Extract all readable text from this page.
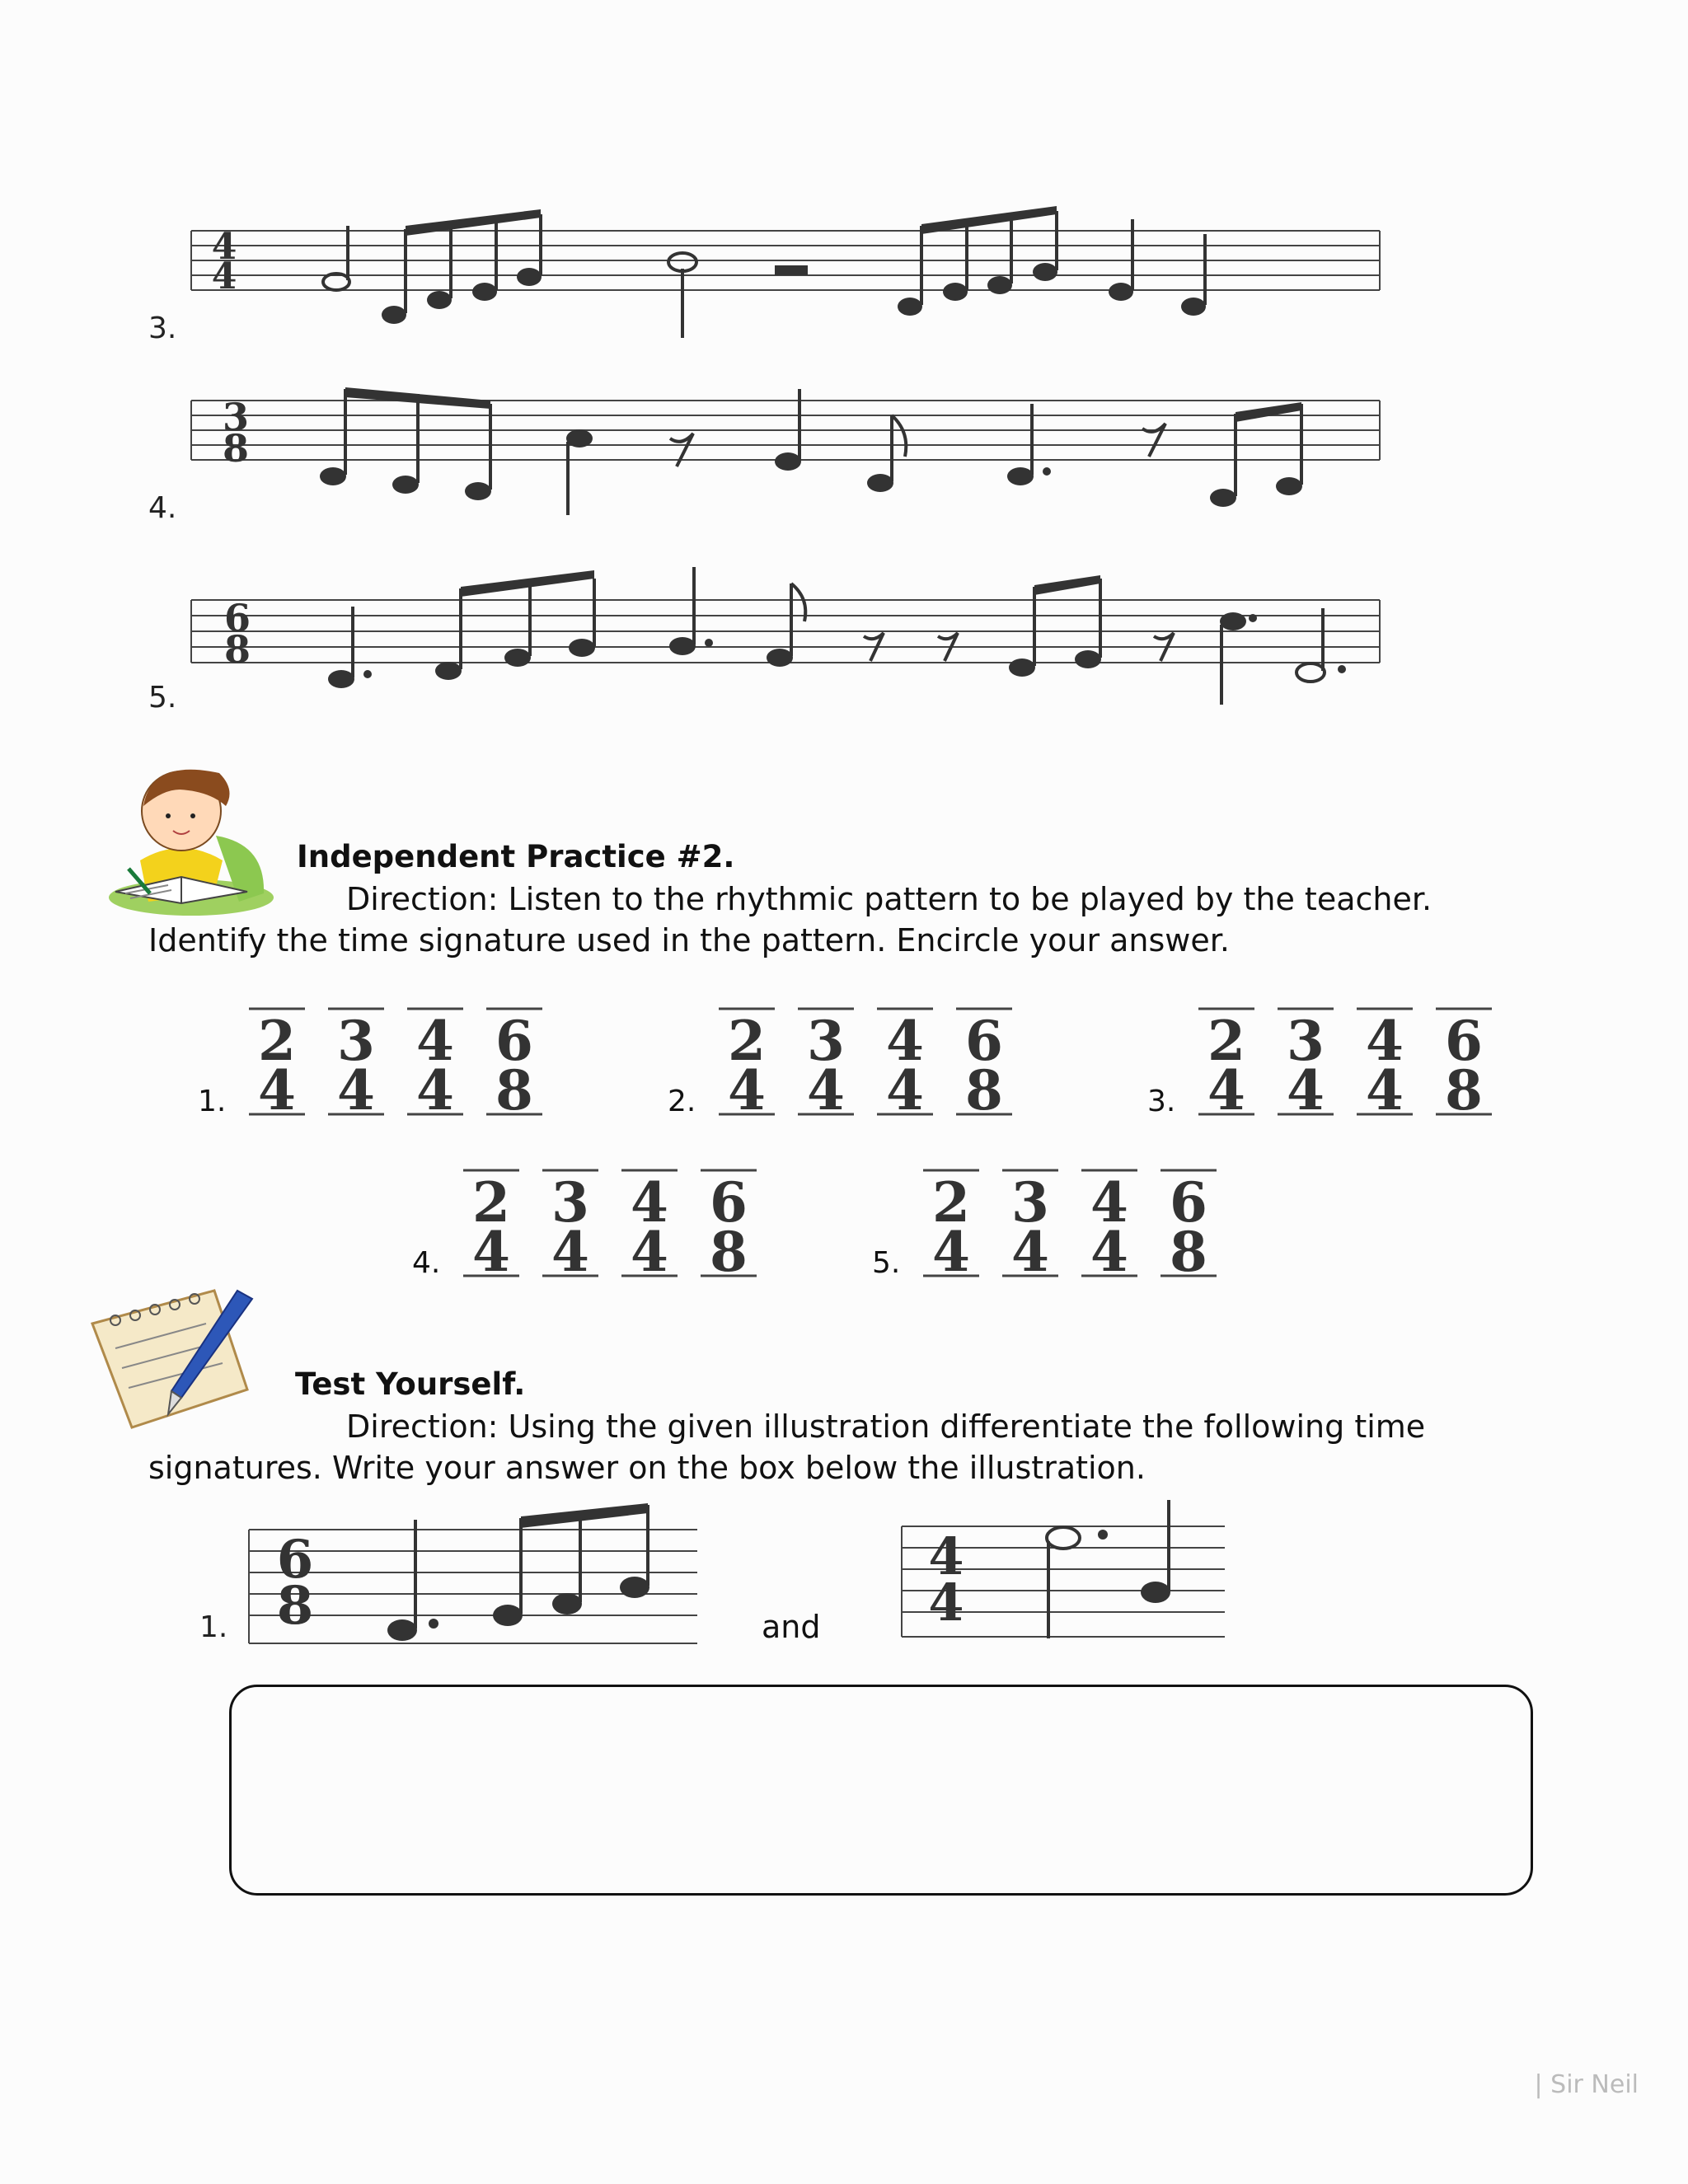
3.
4
4
4.
3
8
5.
6
8
Independent Practice #2.
Direction: Listen to the rhythmic pattern to be played by the teacher.
Identify the time signature used in the pattern. Encircle your answer.
1.
2
4
3
4
4
4
6
8	2.
2
4
3
4
4
4
6
8	3.
2
4
3
4
4
4
6
8
4.
2
4
3
4
4
4
6
8	5.
2
4
3
4
4
4
6
8
Test Yourself.
Direction: Using the given illustration differentiate the following time
signatures. Write your answer on the box below the illustration.
1.
6
8	and
4
4
| Sir Neil
